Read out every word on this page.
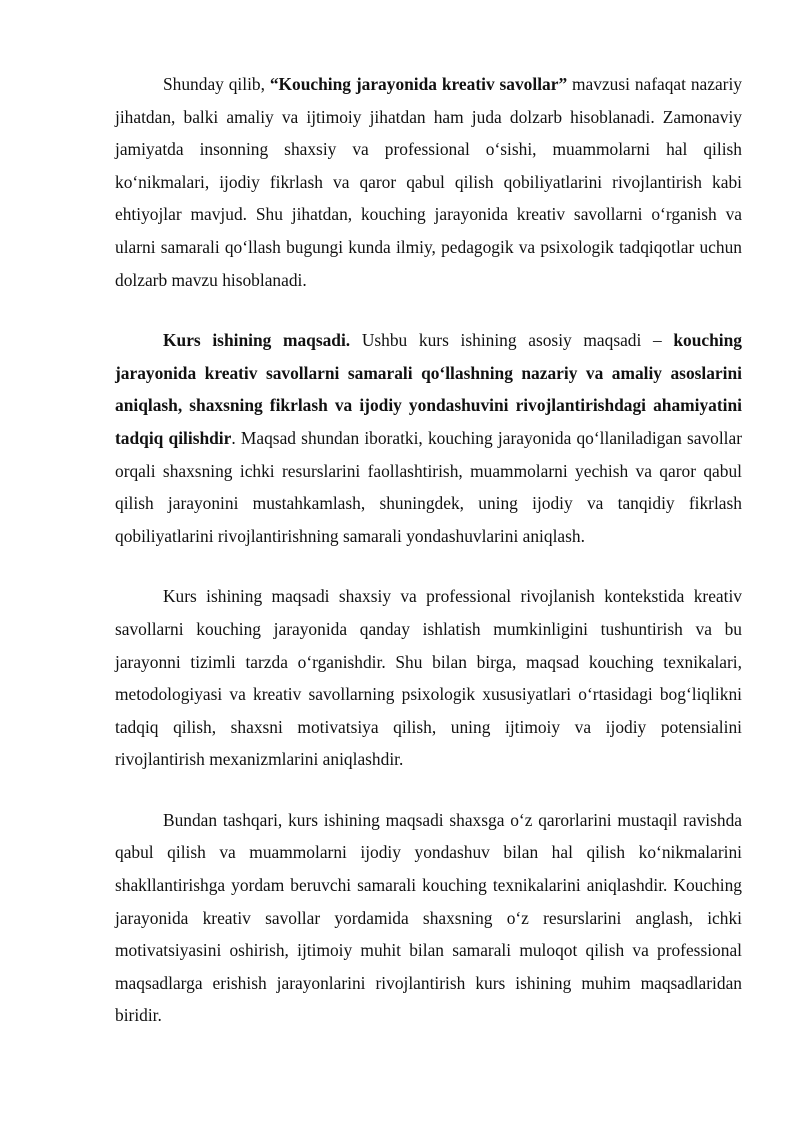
Shunday qilib, “Kouching jarayonida kreativ savollar” mavzusi nafaqat nazariy jihatdan, balki amaliy va ijtimoiy jihatdan ham juda dolzarb hisoblanadi. Zamonaviy jamiyatda insonning shaxsiy va professional o‘sishi, muammolarni hal qilish ko‘nikmalari, ijodiy fikrlash va qaror qabul qilish qobiliyatlarini rivojlantirish kabi ehtiyojlar mavjud. Shu jihatdan, kouching jarayonida kreativ savollarni o‘rganish va ularni samarali qo‘llash bugungi kunda ilmiy, pedagogik va psixologik tadqiqotlar uchun dolzarb mavzu hisoblanadi.

Kurs ishining maqsadi. Ushbu kurs ishining asosiy maqsadi – kouching jarayonida kreativ savollarni samarali qo‘llashning nazariy va amaliy asoslarini aniqlash, shaxsning fikrlash va ijodiy yondashuvini rivojlantirishdagi ahamiyatini tadqiq qilishdir. Maqsad shundan iboratki, kouching jarayonida qo‘llaniladigan savollar orqali shaxsning ichki resurslarini faollashtirish, muammolarni yechish va qaror qabul qilish jarayonini mustahkamlash, shuningdek, uning ijodiy va tanqidiy fikrlash qobiliyatlarini rivojlantirishning samarali yondashuvlarini aniqlash.

Kurs ishining maqsadi shaxsiy va professional rivojlanish kontekstida kreativ savollarni kouching jarayonida qanday ishlatish mumkinligini tushuntirish va bu jarayonni tizimli tarzda o‘rganishdir. Shu bilan birga, maqsad kouching texnikalari, metodologiyasi va kreativ savollarning psixologik xususiyatlari o‘rtasidagi bog‘liqlikni tadqiq qilish, shaxsni motivatsiya qilish, uning ijtimoiy va ijodiy potensialini rivojlantirish mexanizmlarini aniqlashdir.

Bundan tashqari, kurs ishining maqsadi shaxsga o‘z qarorlarini mustaqil ravishda qabul qilish va muammolarni ijodiy yondashuv bilan hal qilish ko‘nikmalarini shakllantirishga yordam beruvchi samarali kouching texnikalarini aniqlashdir. Kouching jarayonida kreativ savollar yordamida shaxsning o‘z resurslarini anglash, ichki motivatsiyasini oshirish, ijtimoiy muhit bilan samarali muloqot qilish va professional maqsadlarga erishish jarayonlarini rivojlantirish kurs ishining muhim maqsadlaridan biridir.
